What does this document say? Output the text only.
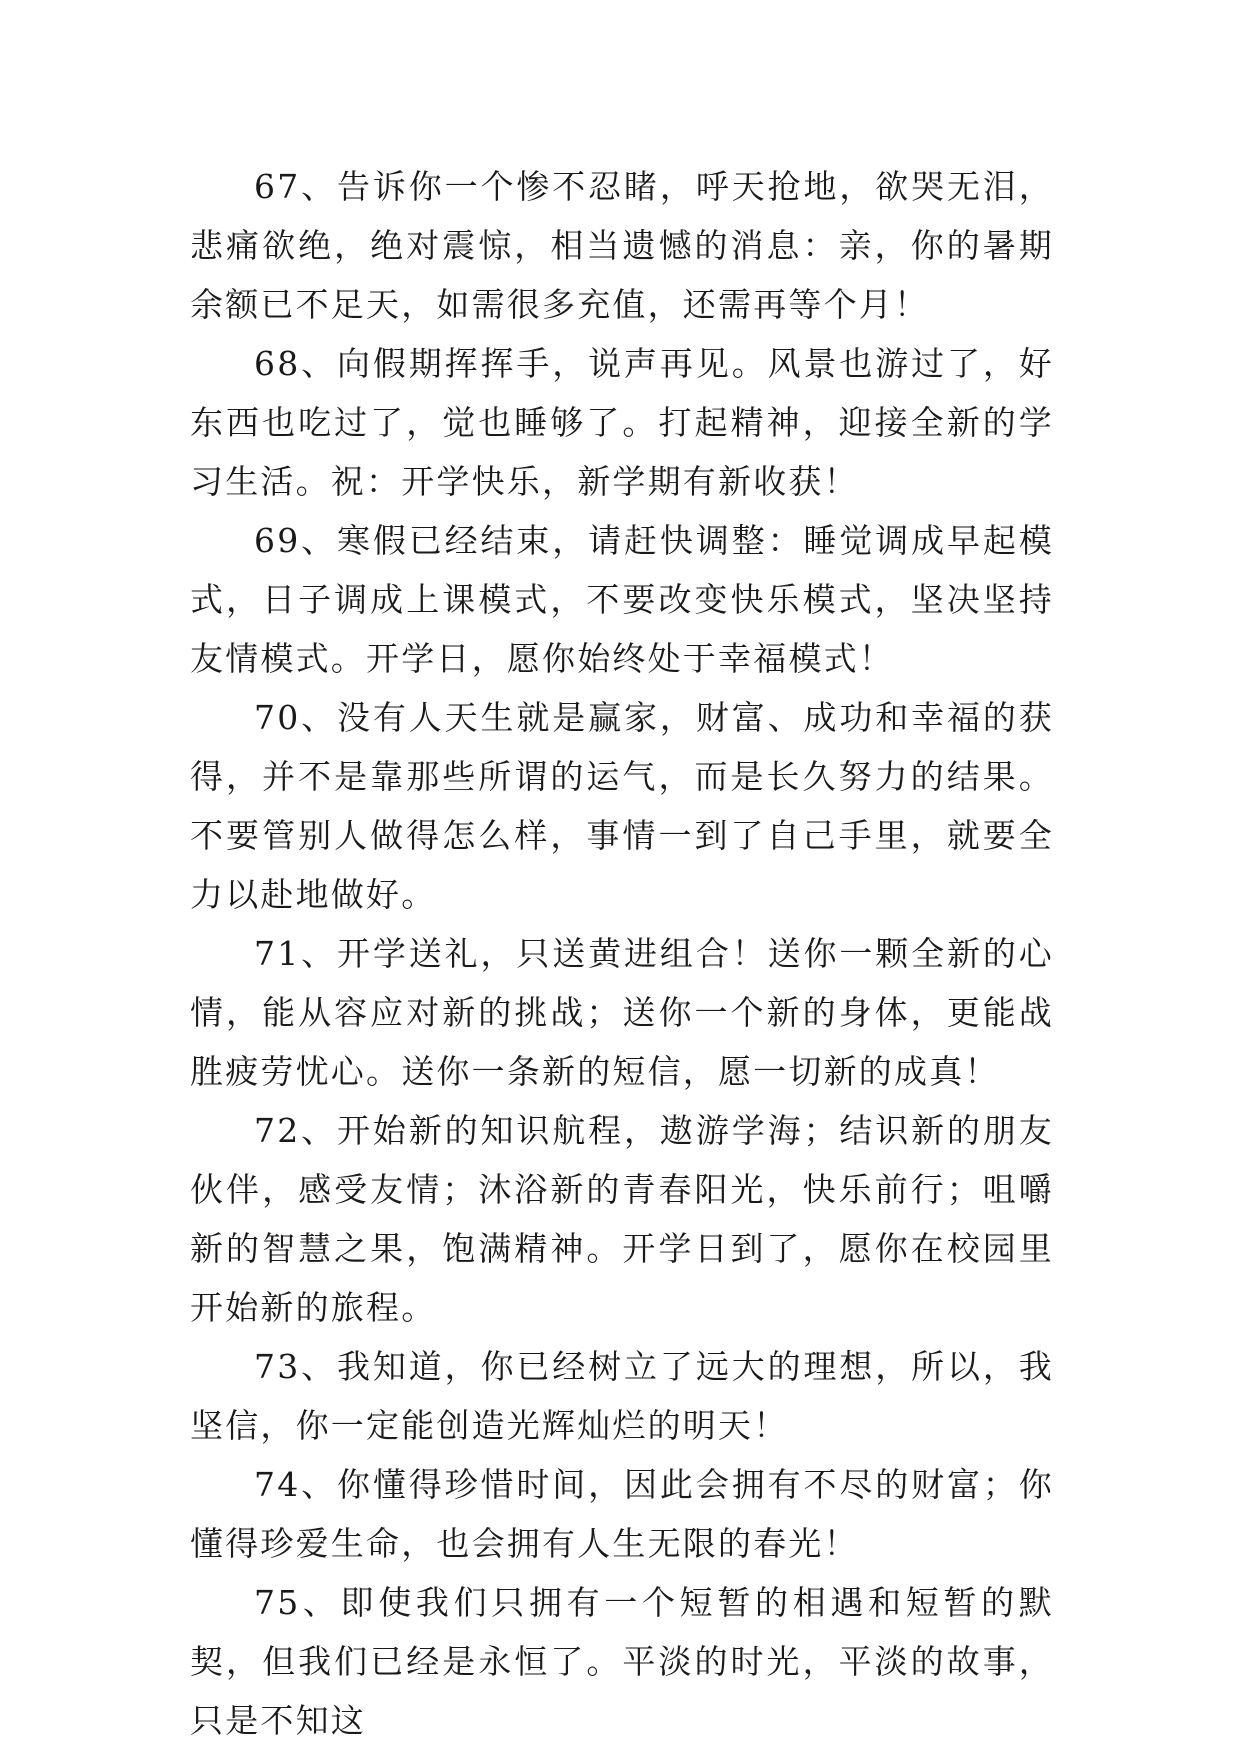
67、告诉你一个惨不忍睹，呼天抢地，欲哭无泪，悲痛欲绝，绝对震惊，相当遗憾的消息：亲，你的暑期余额已不足天，如需很多充值，还需再等个月！

68、向假期挥挥手，说声再见。风景也游过了，好东西也吃过了，觉也睡够了。打起精神，迎接全新的学习生活。祝：开学快乐，新学期有新收获！

69、寒假已经结束，请赶快调整：睡觉调成早起模式，日子调成上课模式，不要改变快乐模式，坚决坚持友情模式。开学日，愿你始终处于幸福模式！

70、没有人天生就是赢家，财富、成功和幸福的获得，并不是靠那些所谓的运气，而是长久努力的结果。不要管别人做得怎么样，事情一到了自己手里，就要全力以赴地做好。

71、开学送礼，只送黄进组合！送你一颗全新的心情，能从容应对新的挑战；送你一个新的身体，更能战胜疲劳忧心。送你一条新的短信，愿一切新的成真！

72、开始新的知识航程，遨游学海；结识新的朋友伙伴，感受友情；沐浴新的青春阳光，快乐前行；咀嚼新的智慧之果，饱满精神。开学日到了，愿你在校园里开始新的旅程。

73、我知道，你已经树立了远大的理想，所以，我坚信，你一定能创造光辉灿烂的明天！

74、你懂得珍惜时间，因此会拥有不尽的财富；你懂得珍爱生命，也会拥有人生无限的春光！

75、即使我们只拥有一个短暂的相遇和短暂的默契，但我们已经是永恒了。平淡的时光，平淡的故事，只是不知这
